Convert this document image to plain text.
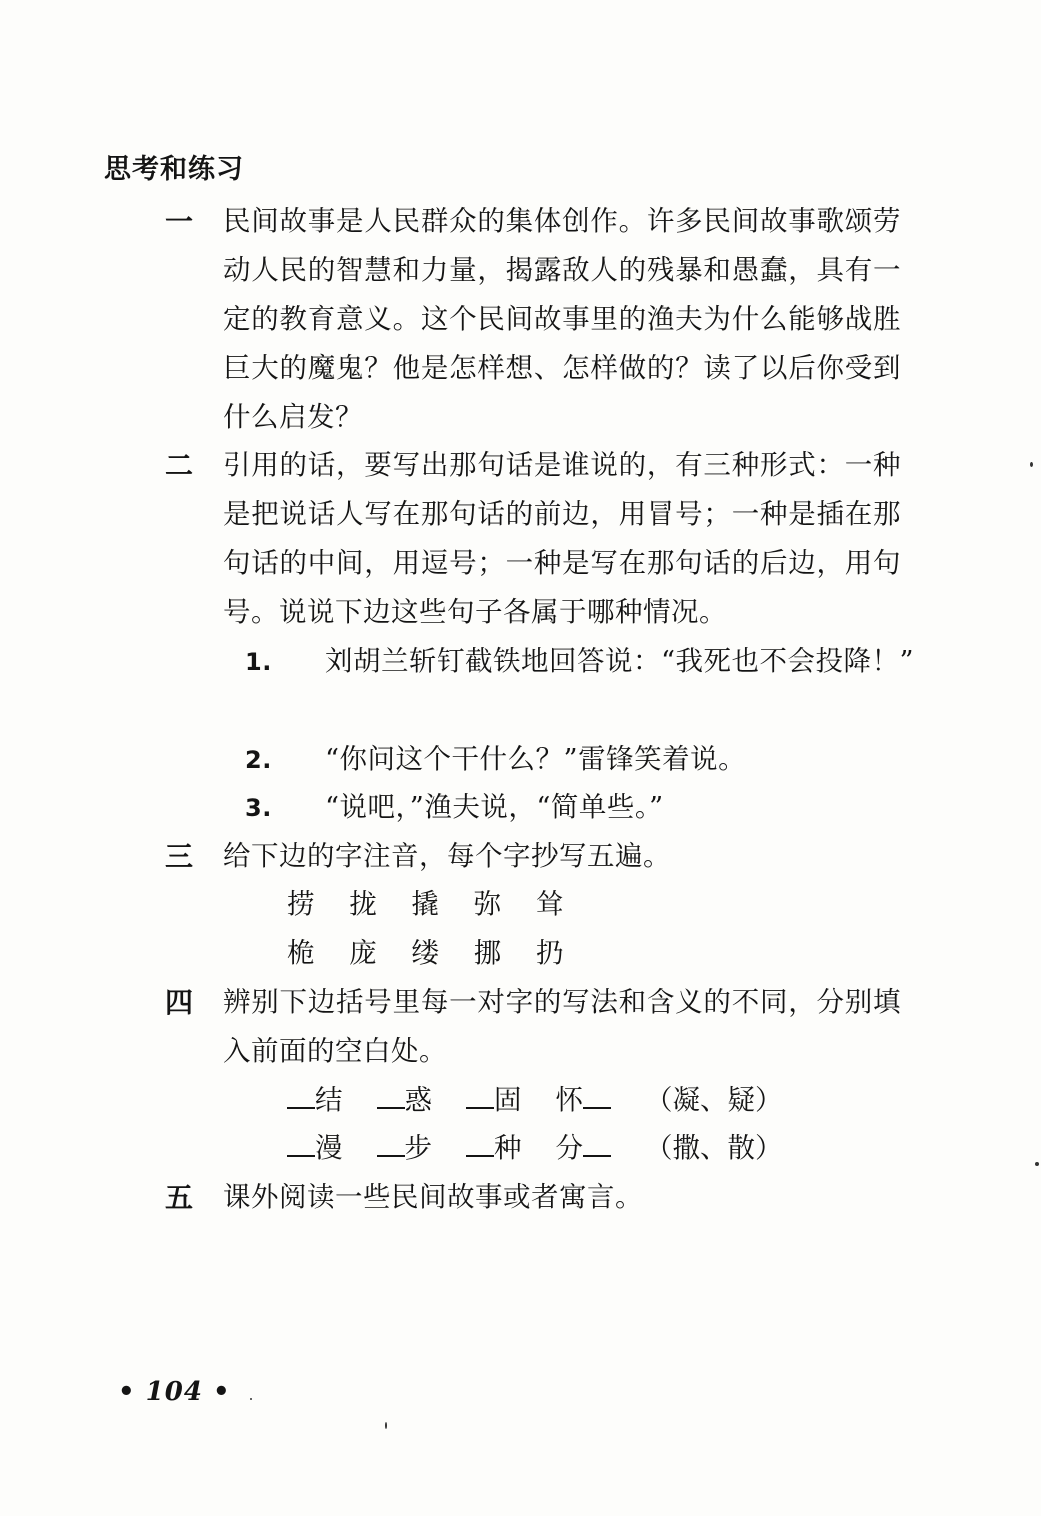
思考和练习
一	民间故事是人民群众的集体创作。许多民间故事歌颂劳动人民的智慧和力量，揭露敌人的残暴和愚蠢，具有一定的教育意义。这个民间故事里的渔夫为什么能够战胜巨大的魔鬼？他是怎样想、怎样做的？读了以后你受到什么启发？
二	引用的话，要写出那句话是谁说的，有三种形式：一种是把说话人写在那句话的前边，用冒号；一种是插在那句话的中间，用逗号；一种是写在那句话的后边，用句号。说说下边这些句子各属于哪种情况。
1. 刘胡兰斩钉截铁地回答说：“我死也不会投降！”
2. “你问这个干什么？”雷锋笑着说。
3. “说吧，”渔夫说，“简单些。”
三	给下边的字注音，每个字抄写五遍。
捞 拢 撬 弥 耸
桅 庞 缕 挪 扔
四	辨别下边括号里每一对字的写法和含义的不同，分别填入前面的空白处。
结 惑 固 怀 （凝、疑）
漫 步 种 分 （撒、散）
五	课外阅读一些民间故事或者寓言。
• 104 •
